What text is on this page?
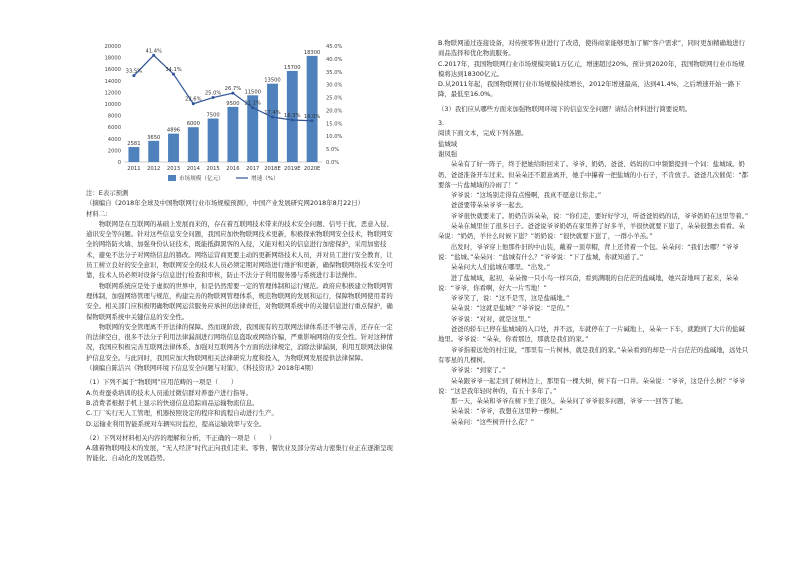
0
2000
4000
6000
8000
10000
12000
14000
16000
18000
20000
0.0%
5.0%
10.0%
15.0%
20.0%
25.0%
30.0%
35.0%
40.0%
45.0%
2581
2011
3650
2012
4896
2013
6000
2014
7500
2015
9500
2016
11500
2017
13500
2018E
15700
2019E
18300
2020E
33.5%
41.4%
34.1%
22.6%
25.0%
26.7%
21.1%
17.4% 16.3% 16.0%
市场规模（亿元）	增速（%）

注：E表示预测

（摘编自《2018年全球及中国物联网行业市场规模预测》，中国产业发展研究网2018年8月22日）

材料二：

物联网是在互联网的基础上发展而来的，存在着互联网技术带来的技术安全问题、信号干扰、恶意入侵、通讯安全等问题。针对这些信息安全问题，我国应加快物联网技术更新，积极探索物联网安全技术，物联网安全的网络防火墙、加强身份认证技术，既能抵御黑客的入侵，又能对相关的信息进行加密保护，采用加密技术，避免不法分子对网络信息的篡改。网络运营商更要主动的更新网络技术人员，并对员工进行安全教育，让员工树立良好的安全意识，物联网安全的技术人员必须定期对网络进行维护和更新，确保物联网络技术安全可靠，技术人员必须对设备与信息进行检查和审核，防止不法分子利用服务器与系统进行非法操作。

物联网系统应是处于虚拟的世界中，但是仍然需要一定的管理体制和运行规范。政府应积极建立物联网管理体制，加强网络管理与规范，构建完善的物联网管理体系，规范物联网的发展和运行，保障物联网使用者的安全。相关部门应积极明确物联网运营服务应承担的法律责任，对物联网系统中的关键信息进行重点保护，确保物联网系统中关键信息的安全性。

物联网的安全管理离不开法律的保障。然而现阶段，我国现有的互联网法律体系还不够完善，还存在一定的法律空白，很多不法分子利用法律漏洞进行网络信息盗取或网络诈骗，严重影响网络的安全性。针对这种情况，我国应积极完善互联网法律体系，加强对互联网各个方面的法律规定，消除法律漏洞，利用互联网法律保护信息安全。与此同时，我国应加大物联网相关法律研究力度和投入，为物联网发展提供法律保障。

（摘编自陈洁兴《物联网环境下信息安全问题与对策》，《科技资讯》2018年4期）

（1）下列不属于“物联网”应用范畴的一项是（　　）

A.负责蚕桑培训的技术人员通过微信群对养蚕户进行指导。

B.消费者根据手机上显示的快递信息追踪商品运输物流信息。

C.工厂实行无人工管理，机器按照设定的程序和流程自动进行生产。

D.运输业利用智能系统对车辆实时监控，提高运输效率与安全。

（2）下列对材料相关内容的理解和分析，不正确的一项是（　　）

A.随着物联网技术的发展，“无人经济”时代正向我们走来。零售、餐饮业及部分劳动力密集行业正在逐渐呈现智能化、自动化的发展趋势。

B.物联网通过连接设备，对传统零售业进行了改造，使得商家能够更加了解“客户需求”，同时更加精确地进行商品选择和优化物流服务。

C.2017年，我国物联网行业市场规模突破1万亿元，增速超过20%。预计到2020年，我国物联网行业市场规模将达到18300亿元。

D.从2011年起，我国物联网行业市场规模持续增长，2012年增速最高，达到41.4%，之后增速开始一路下降，最低至16.0%。

（3）我们应从哪些方面来加强物联网环境下的信息安全问题？请结合材料进行简要说明。

3.

阅读下面文本，完成下列各题。

盐城域

谢凤强

朵朵有了好一阵子，终于把她给盼回来了。爷爷、奶奶、爸爸、妈妈的口中频繁提到一个词：盐城域。奶奶、爸爸准备开车过来。但朵朵还不愿意离开，她手中攥着一把盐城的小石子，不肯放手。爸爸几次催促：“都要落一片盐城域的冷雨了！”

爷爷说：“这场别走得有点慢啊，我真不愿意让你走。”

爸爸要带朵朵爷爷一起去。

爷爷很快就要来了。奶奶告诉朵朵，说：“你们走，要好好学习，听爸爸妈妈的话，爷爷奶奶在这里等着。”

朵朵在城里住了很多日子。爸爸说爷爷奶奶在家里养了好多羊，羊很快就要下崽了，朵朵很想去看看。朵朵说：“奶奶，羊什么时候下崽？”奶奶说：“很快就要下崽了，一群小羊羔。”

出发时，爷爷穿上他那件旧的中山装，戴着一顶草帽，背上还背着一个包。朵朵问：“我们去哪？”爷爷说：“盐城。”朵朵问：“盐城有什么？”爷爷说：“下了盐城，你就知道了。”

朵朵问大人们盐城在哪里。“出发。”

进了盐城域，起初，朵朵像一只小鸟一样兴奋，看到满眼的白茫茫的盐碱地，她兴奋地叫了起来，朵朵说：“爷爷，你看啊，好大一片雪地！”

爷爷笑了，说：“这不是雪，这是盐碱地。”

朵朵说：“这就是盐城？”爷爷说：“是的。”

爷爷说：“对对，就是这里。”

爸爸的轿车已停在盐城域的入口处，并不远，车就停在了一片碱地上，朵朵一下车，就跑到了大片的盐碱地里。爷爷说：“朵朵，你看那边，那就是我们的家。”

爷爷指着远处的村庄说，“那里有一片树林，就是我们的家。”朵朵看到的却是一片白茫茫的盐碱地，远处只有零星的几棵树。

爷爷说：“到家了。”

朵朵跟爷爷一起走到了树林边上，那里有一棵大树，树下有一口井。朵朵说：“爷爷，这是什么树？”爷爷说：“这是我年轻时种的，有五十多年了。”

那一天，朵朵和爷爷在树下坐了很久，朵朵问了爷爷很多问题，爷爷一一回答了她。

朵朵说：“爷爷，我想在这里种一棵树。”

朵朵问：“这些树开什么花？”
